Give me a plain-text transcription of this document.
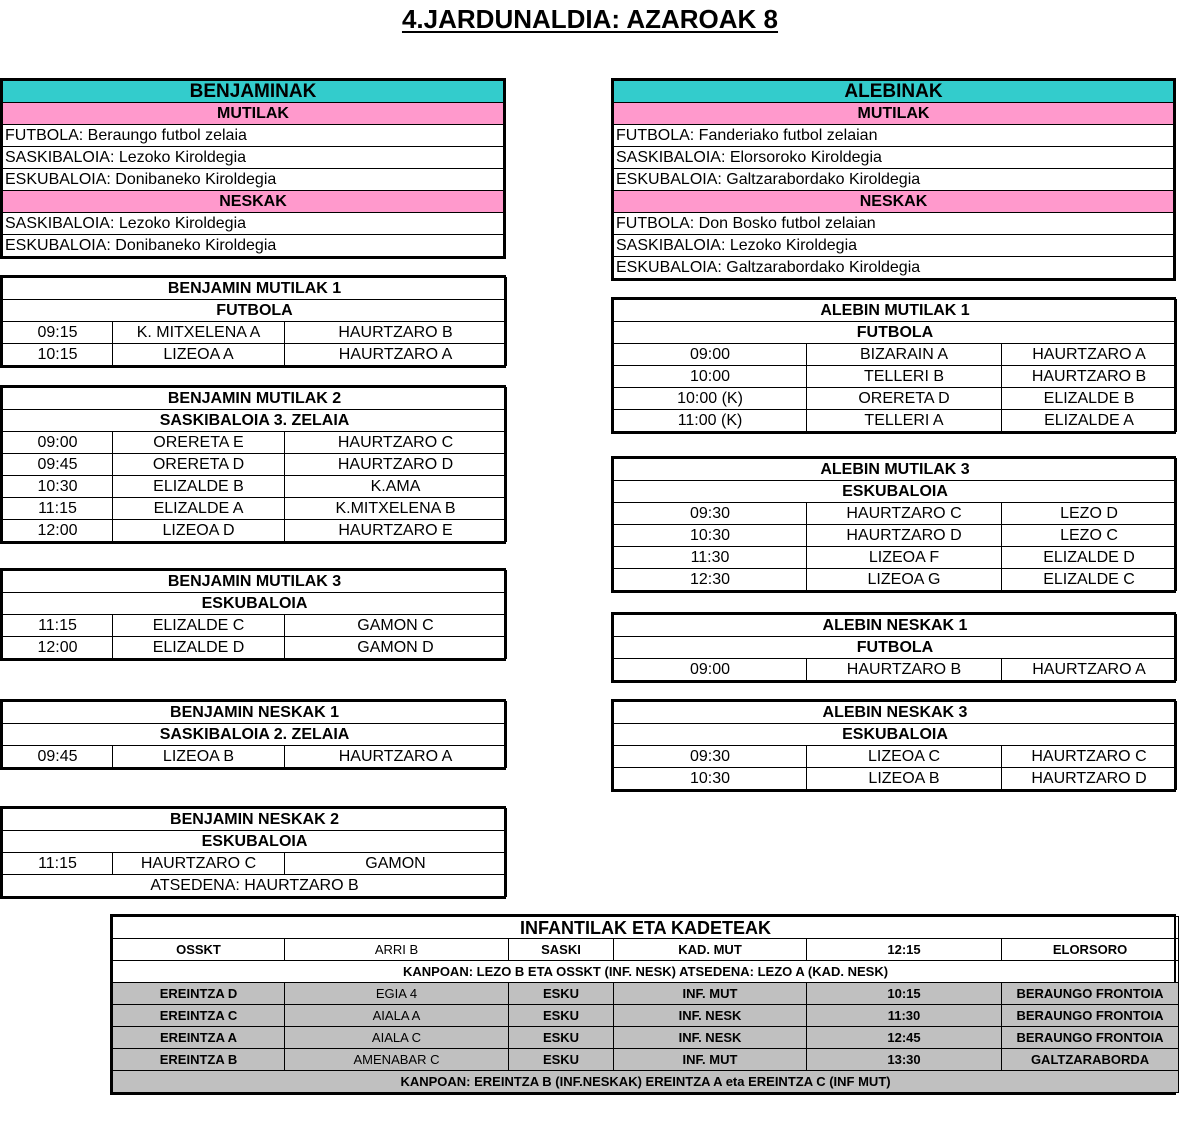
4.JARDUNALDIA: AZAROAK 8
BENJAMINAK
MUTILAK
FUTBOLA: Beraungo futbol zelaia
SASKIBALOIA: Lezoko Kiroldegia
ESKUBALOIA: Donibaneko Kiroldegia
NESKAK
SASKIBALOIA: Lezoko Kiroldegia
ESKUBALOIA: Donibaneko Kiroldegia
ALEBINAK
MUTILAK
FUTBOLA: Fanderiako futbol zelaian
SASKIBALOIA: Elorsoroko Kiroldegia
ESKUBALOIA: Galtzarabordako Kiroldegia
NESKAK
FUTBOLA: Don Bosko futbol zelaian
SASKIBALOIA: Lezoko Kiroldegia
ESKUBALOIA: Galtzarabordako Kiroldegia
BENJAMIN MUTILAK 1		
FUTBOLA		
09:15	K. MITXELENA A	HAURTZARO B
10:15	LIZEOA A	HAURTZARO A
BENJAMIN MUTILAK 2		
SASKIBALOIA 3. ZELAIA		
09:00	ORERETA E	HAURTZARO C
09:45	ORERETA D	HAURTZARO D
10:30	ELIZALDE B	K.AMA
11:15	ELIZALDE A	K.MITXELENA B
12:00	LIZEOA D	HAURTZARO E
BENJAMIN MUTILAK 3		
ESKUBALOIA		
11:15	ELIZALDE C	GAMON C
12:00	ELIZALDE D	GAMON D
BENJAMIN NESKAK 1
SASKIBALOIA 2. ZELAIA
09:45	LIZEOA B	HAURTZARO A
BENJAMIN NESKAK 2
ESKUBALOIA
11:15	HAURTZARO C	GAMON
ATSEDENA: HAURTZARO B
ALEBIN MUTILAK 1		
FUTBOLA		
09:00	BIZARAIN A	HAURTZARO A
10:00	TELLERI B	HAURTZARO B
10:00 (K)	ORERETA D	ELIZALDE B
11:00 (K)	TELLERI A	ELIZALDE A
ALEBIN MUTILAK 3		
ESKUBALOIA		
09:30	HAURTZARO C	LEZO D
10:30	HAURTZARO D	LEZO C
11:30	LIZEOA F	ELIZALDE D
12:30	LIZEOA G	ELIZALDE C
ALEBIN NESKAK 1
FUTBOLA
09:00	HAURTZARO B	HAURTZARO A
ALEBIN NESKAK 3		
ESKUBALOIA		
09:30	LIZEOA C	HAURTZARO C
10:30	LIZEOA B	HAURTZARO D
INFANTILAK ETA KADETEAK					
OSSKT	ARRI B	SASKI	KAD. MUT	12:15	ELORSORO
KANPOAN: LEZO B ETA OSSKT (INF. NESK) ATSEDENA: LEZO A (KAD. NESK)					
EREINTZA D	EGIA 4	ESKU	INF. MUT	10:15	BERAUNGO FRONTOIA
EREINTZA C	AIALA A	ESKU	INF. NESK	11:30	BERAUNGO FRONTOIA
EREINTZA A	AIALA C	ESKU	INF. NESK	12:45	BERAUNGO FRONTOIA
EREINTZA B	AMENABAR C	ESKU	INF. MUT	13:30	GALTZARABORDA
KANPOAN: EREINTZA B (INF.NESKAK) EREINTZA A eta EREINTZA C (INF MUT)					
